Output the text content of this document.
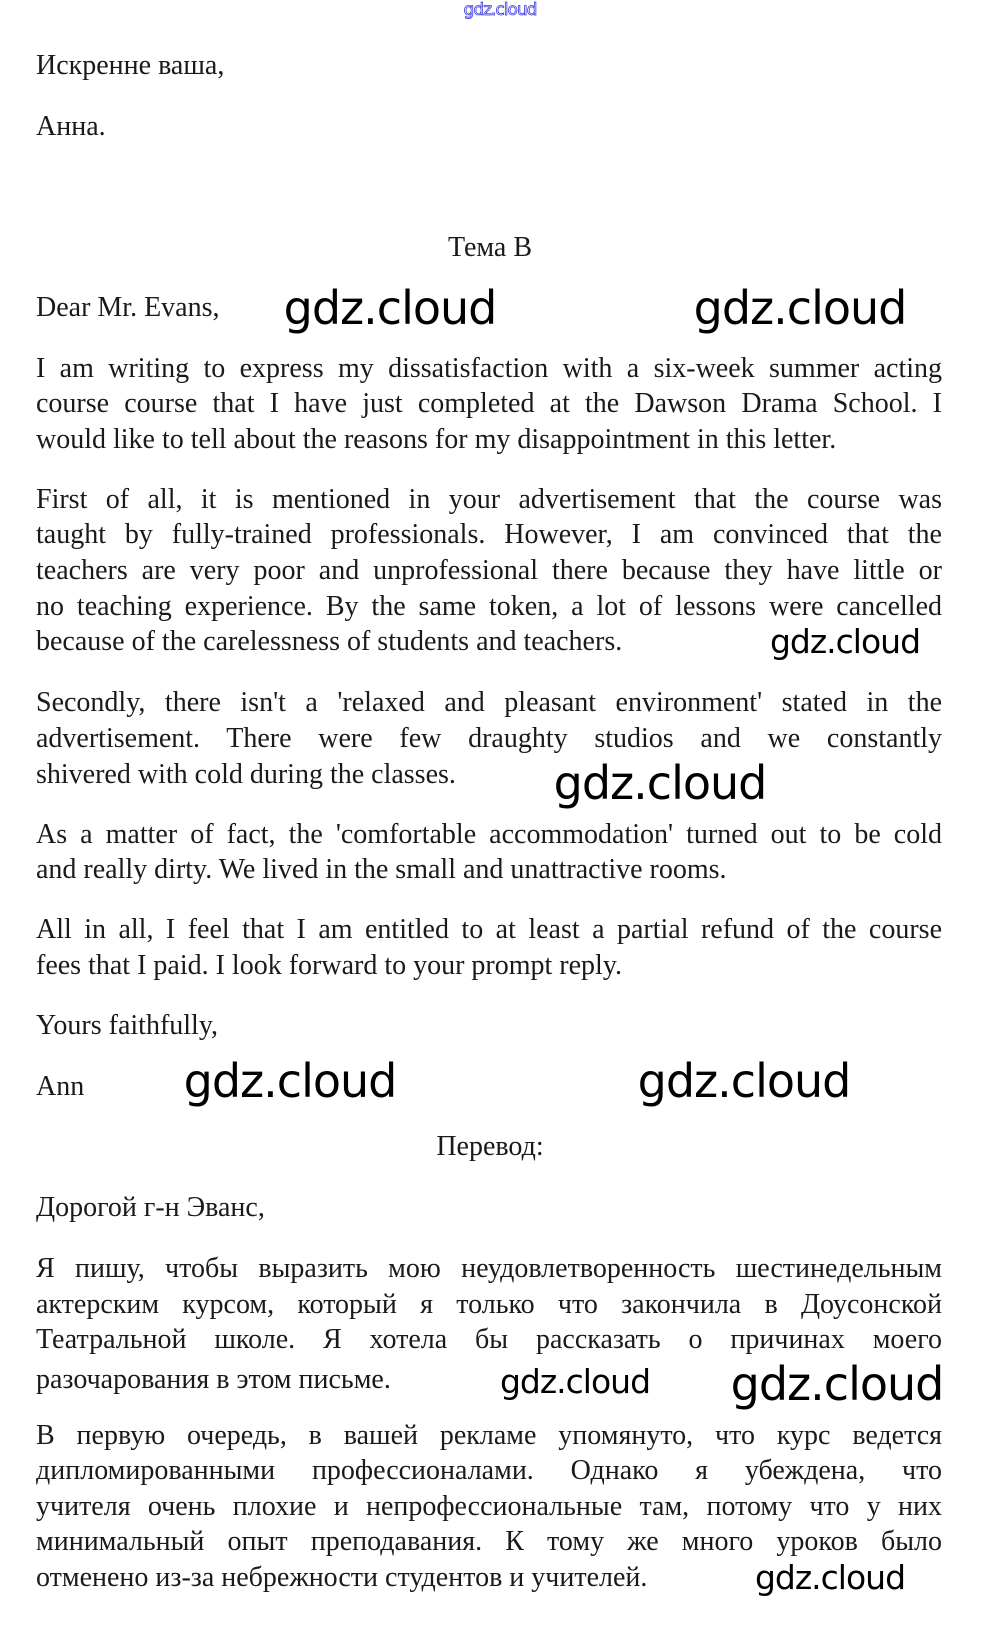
gdz.cloud
Искренне ваша,
Анна.
Тема B
Dear Mr. Evans,
I am writing to express my dissatisfaction with a six-week summer acting
course course that I have just completed at the Dawson Drama School. I
would like to tell about the reasons for my disappointment in this letter.
First of all, it is mentioned in your advertisement that the course was
taught by fully-trained professionals. However, I am convinced that the
teachers are very poor and unprofessional there because they have little or
no teaching experience. By the same token, a lot of lessons were cancelled
because of the carelessness of students and teachers.
Secondly, there isn't a 'relaxed and pleasant environment' stated in the
advertisement. There were few draughty studios and we constantly
shivered with cold during the classes.
As a matter of fact, the 'comfortable accommodation' turned out to be cold
and really dirty. We lived in the small and unattractive rooms.
All in all, I feel that I am entitled to at least a partial refund of the course
fees that I paid. I look forward to your prompt reply.
Yours faithfully,
Ann
Перевод:
Дорогой г-н Эванс,
Я пишу, чтобы выразить мою неудовлетворенность шестинедельным
актерским курсом, который я только что закончила в Доусонской
Театральной школе. Я хотела бы рассказать о причинах моего
разочарования в этом письме.
В первую очередь, в вашей рекламе упомянуто, что курс ведется
дипломированными профессионалами. Однако я убеждена, что
учителя очень плохие и непрофессиональные там, потому что у них
минимальный опыт преподавания. К тому же много уроков было
отменено из-за небрежности студентов и учителей.
gdz.cloud	gdz.cloud
gdz.cloud
gdz.cloud
gdz.cloud	gdz.cloud
gdz.cloud
gdz.cloud
gdz.cloud
